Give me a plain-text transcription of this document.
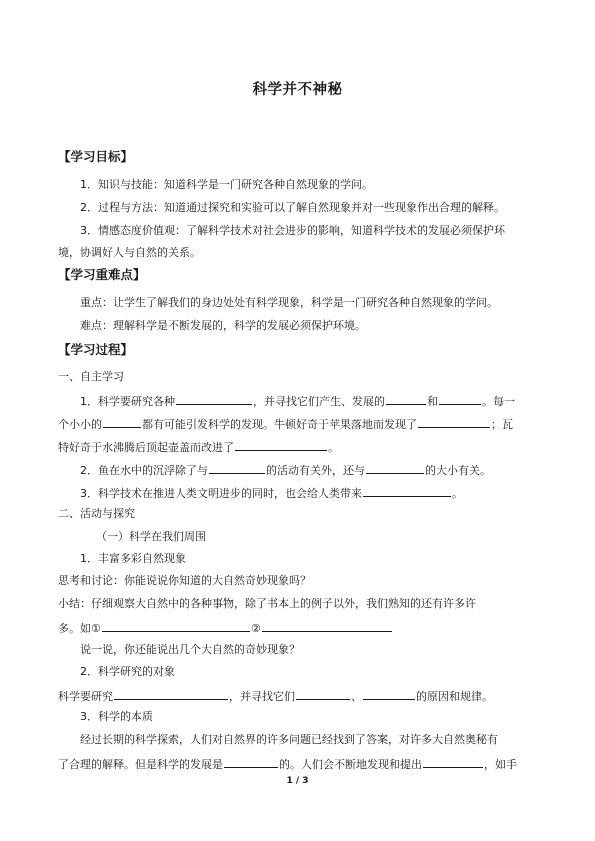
科学并不神秘
【学习目标】
1．知识与技能：知道科学是一门研究各种自然现象的学问。
2．过程与方法：知道通过探究和实验可以了解自然现象并对一些现象作出合理的解释。
3．情感态度价值观：了解科学技术对社会进步的影响，知道科学技术的发展必须保护环
境，协调好人与自然的关系。
【学习重难点】
重点：让学生了解我们的身边处处有科学现象，科学是一门研究各种自然现象的学问。
难点：理解科学是不断发展的，科学的发展必须保护环境。
【学习过程】
一、自主学习
1．科学要研究各种	，并寻找它们产生、发展的	和	。每一
个小小的	都有可能引发科学的发现。牛顿好奇于苹果落地而发现了	；瓦
特好奇于水沸腾后顶起壶盖而改进了	。
2．鱼在水中的沉浮除了与	的活动有关外，还与	的大小有关。
3．科学技术在推进人类文明进步的同时，也会给人类带来	。
二、活动与探究
（一）科学在我们周围
1．丰富多彩自然现象
思考和讨论：你能说说你知道的大自然奇妙现象吗？
小结：仔细观察大自然中的各种事物，除了书本上的例子以外，我们熟知的还有许多许
多。如①	②
说一说，你还能说出几个大自然的奇妙现象？
2．科学研究的对象
科学要研究	，并寻找它们	、	的原因和规律。
3．科学的本质
经过长期的科学探索，人们对自然界的许多问题已经找到了答案，对许多大自然奥秘有
了合理的解释。但是科学的发展是	的。人们会不断地发现和提出	，如手
1 / 3
